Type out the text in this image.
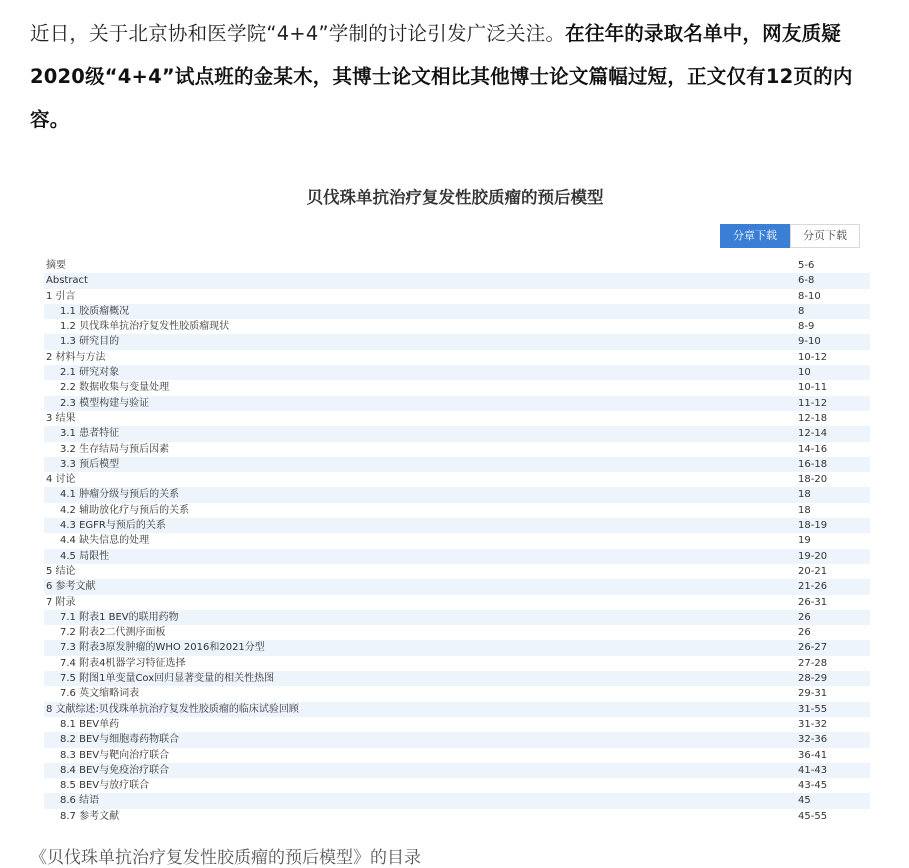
近日，关于北京协和医学院“4+4”学制的讨论引发广泛关注。在往年的录取名单中，网友质疑2020级“4+4”试点班的金某木，其博士论文相比其他博士论文篇幅过短，正文仅有12页的内容。
贝伐珠单抗治疗复发性胶质瘤的预后模型
分章下载	分页下载
摘要	5-6
Abstract	6-8
1 引言	8-10
1.1 胶质瘤概况	8
1.2 贝伐珠单抗治疗复发性胶质瘤现状	8-9
1.3 研究目的	9-10
2 材料与方法	10-12
2.1 研究对象	10
2.2 数据收集与变量处理	10-11
2.3 模型构建与验证	11-12
3 结果	12-18
3.1 患者特征	12-14
3.2 生存结局与预后因素	14-16
3.3 预后模型	16-18
4 讨论	18-20
4.1 肿瘤分级与预后的关系	18
4.2 辅助放化疗与预后的关系	18
4.3 EGFR与预后的关系	18-19
4.4 缺失信息的处理	19
4.5 局限性	19-20
5 结论	20-21
6 参考文献	21-26
7 附录	26-31
7.1 附表1 BEV的联用药物	26
7.2 附表2二代测序面板	26
7.3 附表3原发肿瘤的WHO 2016和2021分型	26-27
7.4 附表4机器学习特征选择	27-28
7.5 附图1单变量Cox回归显著变量的相关性热图	28-29
7.6 英文缩略词表	29-31
8 文献综述:贝伐珠单抗治疗复发性胶质瘤的临床试验回顾	31-55
8.1 BEV单药	31-32
8.2 BEV与细胞毒药物联合	32-36
8.3 BEV与靶向治疗联合	36-41
8.4 BEV与免疫治疗联合	41-43
8.5 BEV与放疗联合	43-45
8.6 结语	45
8.7 参考文献	45-55
《贝伐珠单抗治疗复发性胶质瘤的预后模型》的目录
